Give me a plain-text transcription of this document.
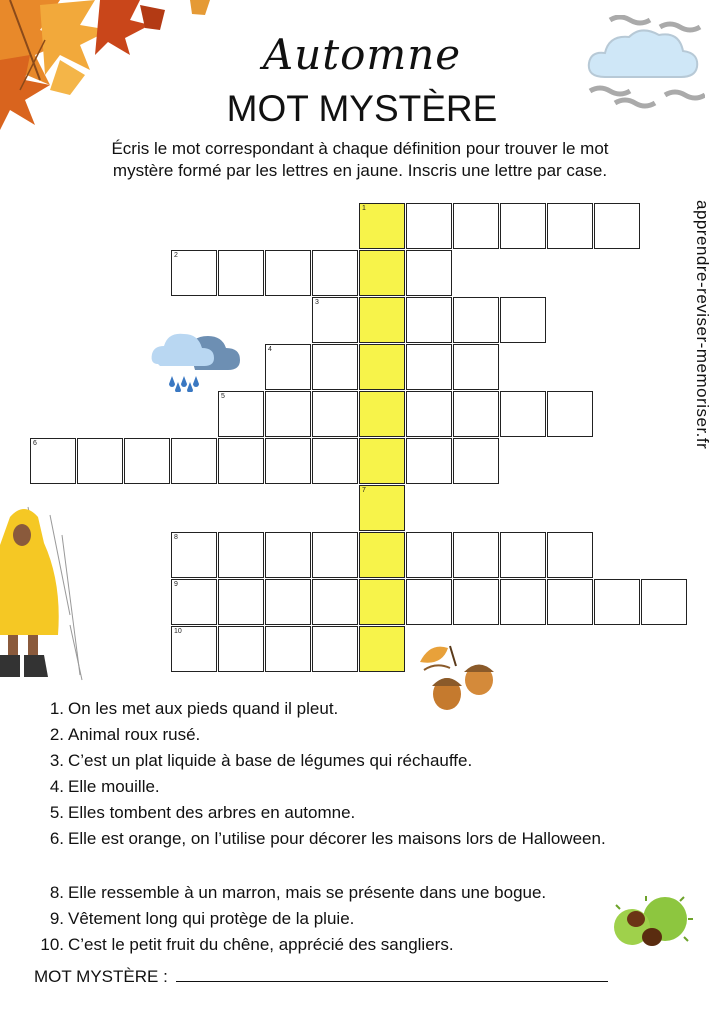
Automne
MOT MYSTÈRE
Écris le mot correspondant à chaque définition pour trouver le mot
mystère formé par les lettres en jaune. Inscris une lettre par case.
apprendre-reviser-memoriser.fr
1
2
3
4
5
6
7
8
9
10
1. On les met aux pieds quand il pleut.
2. Animal roux rusé.
3. C’est un plat liquide à base de légumes qui réchauffe.
4. Elle mouille.
5. Elles tombent des arbres en automne.
6. Elle est orange, on l’utilise pour décorer les maisons lors de Halloween.
8. Elle ressemble à un marron, mais se présente dans une bogue.
9. Vêtement long qui protège de la pluie.
10. C’est le petit fruit du chêne, apprécié des sangliers.
MOT MYSTÈRE :
